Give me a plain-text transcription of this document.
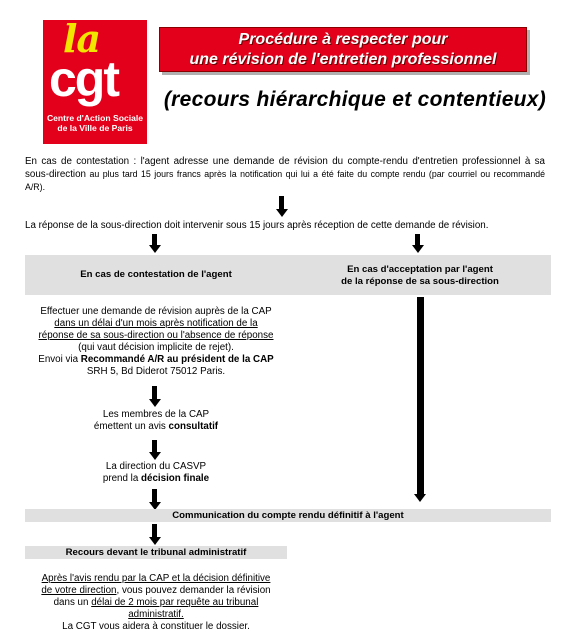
la
cgt
Centre d'Action Sociale
de la Ville de Paris
Procédure à respecter pour
une révision de l'entretien professionnel
(recours hiérarchique et contentieux)
En cas de contestation : l'agent adresse une demande de révision du compte-rendu d'entretien professionnel à sa sous-direction au plus tard 15 jours francs après la notification qui lui a été faite du compte rendu (par courriel ou recommandé A/R).
La réponse de la sous-direction doit intervenir sous 15 jours après réception de cette demande de révision.
En cas de contestation de l'agent	En cas d'acceptation par l'agent
de la réponse de sa sous-direction
Effectuer une demande de révision auprès de la CAP
dans un délai d'un mois après notification de la
réponse de sa sous-direction ou l'absence de réponse
(qui vaut décision implicite de rejet).
Envoi via Recommandé A/R au président de la CAP
SRH 5, Bd Diderot 75012 Paris.
Les membres de la CAP
émettent un avis consultatif
La direction du CASVP
prend la décision finale
Communication du compte rendu définitif à l'agent
Recours devant le tribunal administratif
Après l'avis rendu par la CAP et la décision définitive
de votre direction, vous pouvez demander la révision
dans un délai de 2 mois par requête au tribunal
administratif.
La CGT vous aidera à constituer le dossier.
